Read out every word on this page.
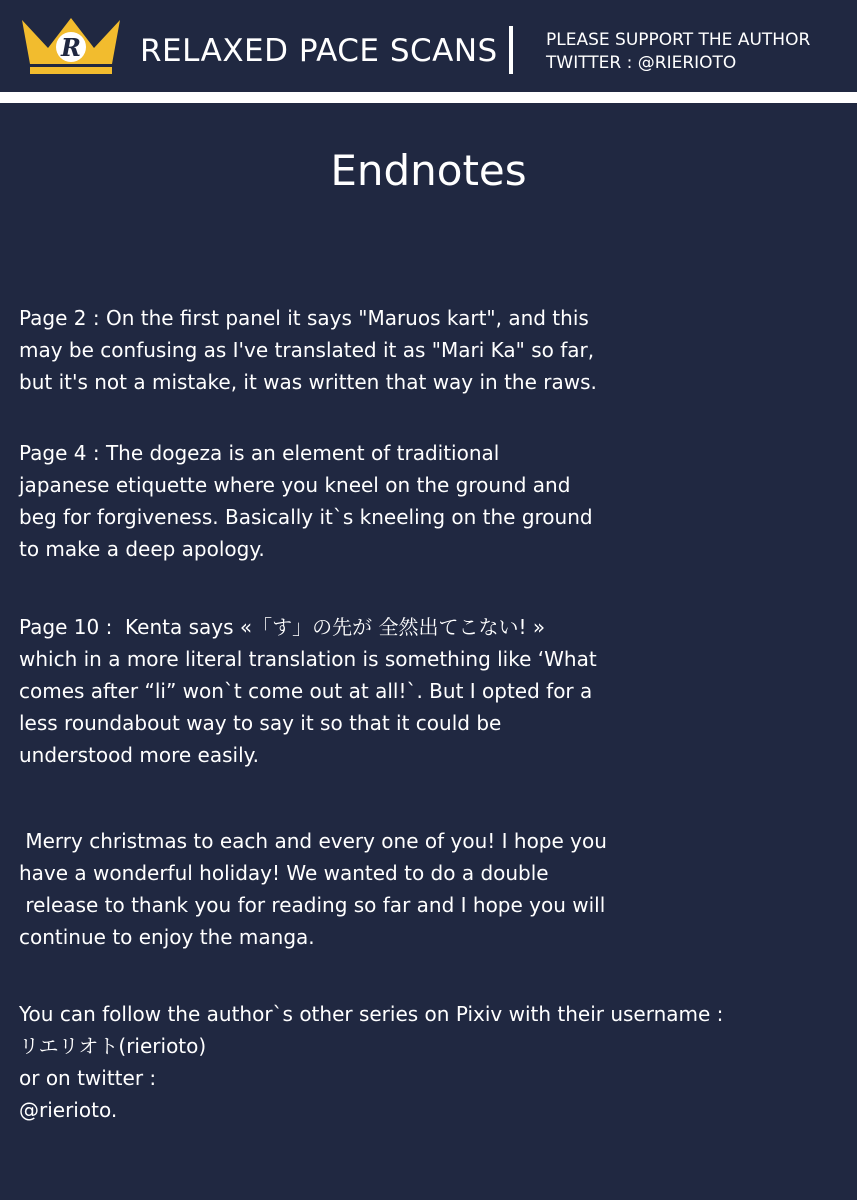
R RELAXED PACE SCANS	PLEASE SUPPORT THE AUTHOR
TWITTER : @RIERIOTO
Endnotes
Page 2 : On the first panel it says "Maruos kart", and this
may be confusing as I've translated it as "Mari Ka" so far,
but it's not a mistake, it was written that way in the raws.
Page 4 : The dogeza is an element of traditional
japanese etiquette where you kneel on the ground and
beg for forgiveness. Basically it`s kneeling on the ground
to make a deep apology.
Page 10 :  Kenta says «「す」の先が 全然出てこない! »
which in a more literal translation is something like ‘What
comes after “li” won`t come out at all!`. But I opted for a
less roundabout way to say it so that it could be
understood more easily.
Merry christmas to each and every one of you! I hope you
have a wonderful holiday! We wanted to do a double
release to thank you for reading so far and I hope you will
continue to enjoy the manga.
You can follow the author`s other series on Pixiv with their username :
リエリオト(rierioto)
or on twitter :
@rierioto.
